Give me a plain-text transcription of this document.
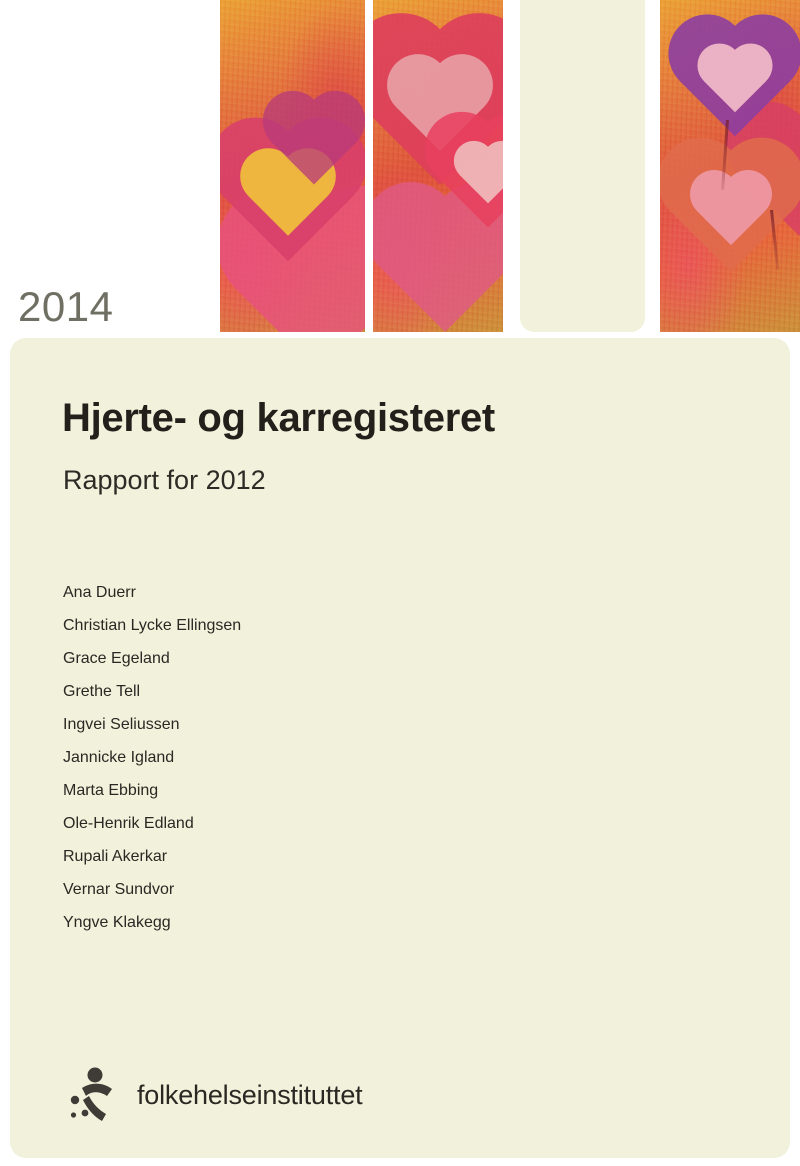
2014
Hjerte- og karregisteret
Rapport for 2012
Ana Duerr
Christian Lycke Ellingsen
Grace Egeland
Grethe Tell
Ingvei Seliussen
Jannicke Igland
Marta Ebbing
Ole-Henrik Edland
Rupali Akerkar
Vernar Sundvor
Yngve Klakegg
folkehelseinstituttet
